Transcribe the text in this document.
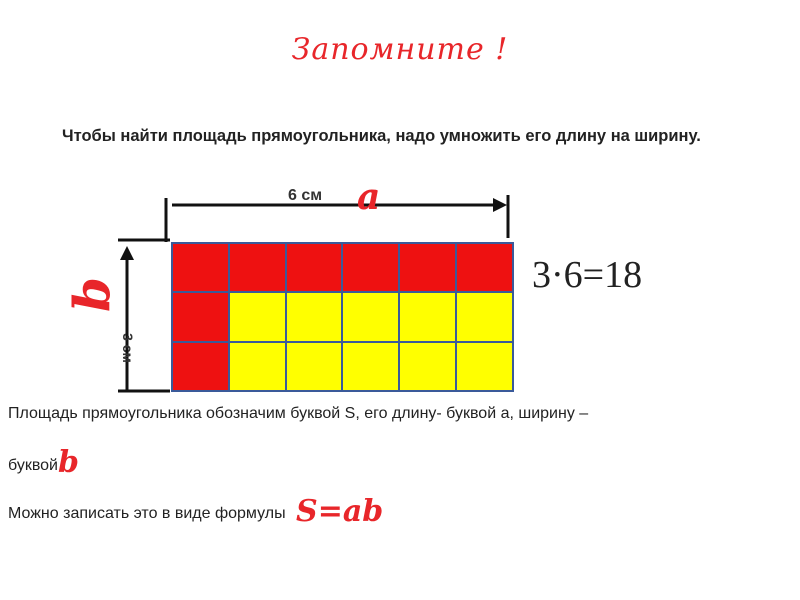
Запомните !
Чтобы найти площадь прямоугольника, надо умножить его длину на ширину.
6 см a
b
3 см
3·6=18
Площадь прямоугольника обозначим буквой S, его длину- буквой а, ширину –
буквойb
Можно записать это в виде формулы S=ab
